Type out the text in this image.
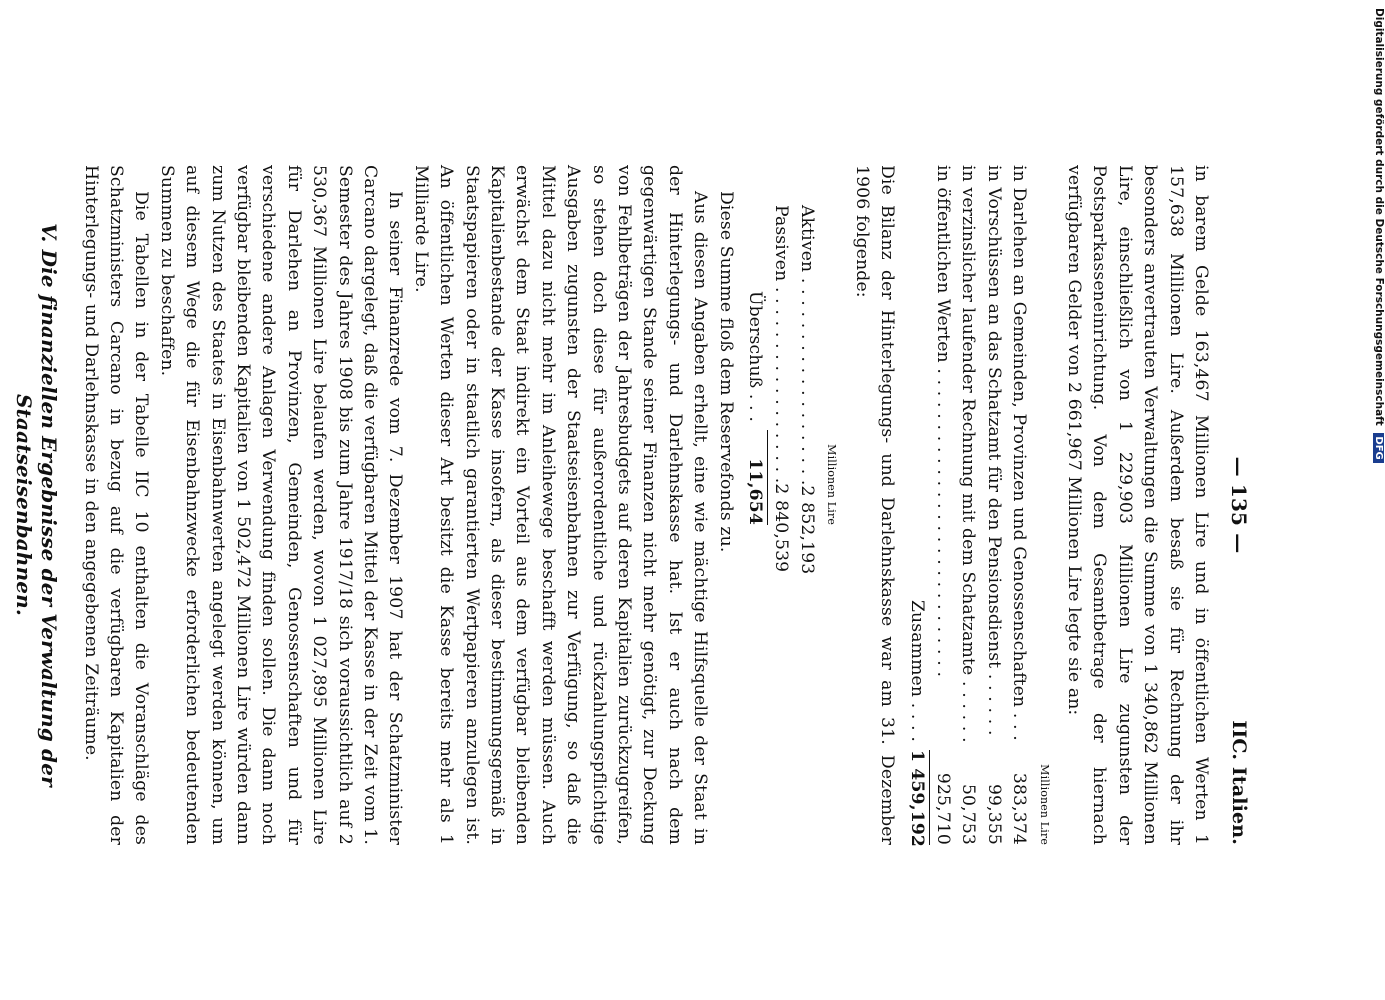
— 135 —
IIC. Italien.

in barem Gelde 163,467 Millionen Lire und in öffentlichen Werten 1 157,638 Millionen Lire. Außerdem besaß sie für Rechnung der ihr besonders anvertrauten Verwaltungen die Summe von 1 340,862 Millionen Lire, einschließlich von 1 229,903 Millionen Lire zugunsten der Postsparkasseneinrichtung. Von dem Gesamtbetrage der hiernach verfügbaren Gelder von 2 661,967 Millionen Lire legte sie an:

Millionen Lire
in Darlehen an Gemeinden, Provinzen und Genossenschaften . . .
383,374
in Vorschüssen an das Schatzamt für den Pensionsdienst . . . . . .
99,355
in verzinslicher laufender Rechnung mit dem Schatzamte . . . . . .
50,753
in öffentlichen Werten . . . . . . . . . . . . . . . . . . . . . . . . . . . .
925,710
Zusammen . . . .
1 459,192

Die Bilanz der Hinterlegungs- und Darlehnskasse war am 31. Dezember 1906 folgende:

Millionen Lire
Aktiven . . . . . . . . . . . . . . . . . . .
2 852,193
Passiven . . . . . . . . . . . . . . . . . .
2 840,539
Überschuß . . .
11,654

Diese Summe floß dem Reservefonds zu.

Aus diesen Angaben erhellt, eine wie mächtige Hilfsquelle der Staat in der Hinterlegungs- und Darlehnskasse hat. Ist er auch nach dem gegenwärtigen Stande seiner Finanzen nicht mehr genötigt, zur Deckung von Fehlbeträgen der Jahresbudgets auf deren Kapitalien zurückzugreifen, so stehen doch diese für außerordentliche und rückzahlungspflichtige Ausgaben zugunsten der Staatseisenbahnen zur Verfügung, so daß die Mittel dazu nicht mehr im Anleihewege beschafft werden müssen. Auch erwächst dem Staat indirekt ein Vorteil aus dem verfügbar bleibenden Kapitalienbestande der Kasse insofern, als dieser bestimmungsgemäß in Staatspapieren oder in staatlich garantierten Wertpapieren anzulegen ist. An öffentlichen Werten dieser Art besitzt die Kasse bereits mehr als 1 Milliarde Lire.

In seiner Finanzrede vom 7. Dezember 1907 hat der Schatzminister Carcano dargelegt, daß die verfügbaren Mittel der Kasse in der Zeit vom 1. Semester des Jahres 1908 bis zum Jahre 1917/18 sich voraussichtlich auf 2 530,367 Millionen Lire belaufen werden, wovon 1 027,895 Millionen Lire für Darlehen an Provinzen, Gemeinden, Genossenschaften und für verschiedene andere Anlagen Verwendung finden sollen. Die dann noch verfügbar bleibenden Kapitalien von 1 502,472 Millionen Lire würden dann zum Nutzen des Staates in Eisenbahnwerten angelegt werden können, um auf diesem Wege die für Eisenbahnzwecke erforderlichen bedeutenden Summen zu beschaffen.

Die Tabellen in der Tabelle IIC 10 enthalten die Voranschläge des Schatzministers Carcano in bezug auf die verfügbaren Kapitalien der Hinterlegungs- und Darlehnskasse in den angegebenen Zeiträume.

V. Die finanziellen Ergebnisse der Verwaltung der Staatseisenbahnen.

Digitalisierung gefördert durch die Deutsche Forschungsgemeinschaft DFG
